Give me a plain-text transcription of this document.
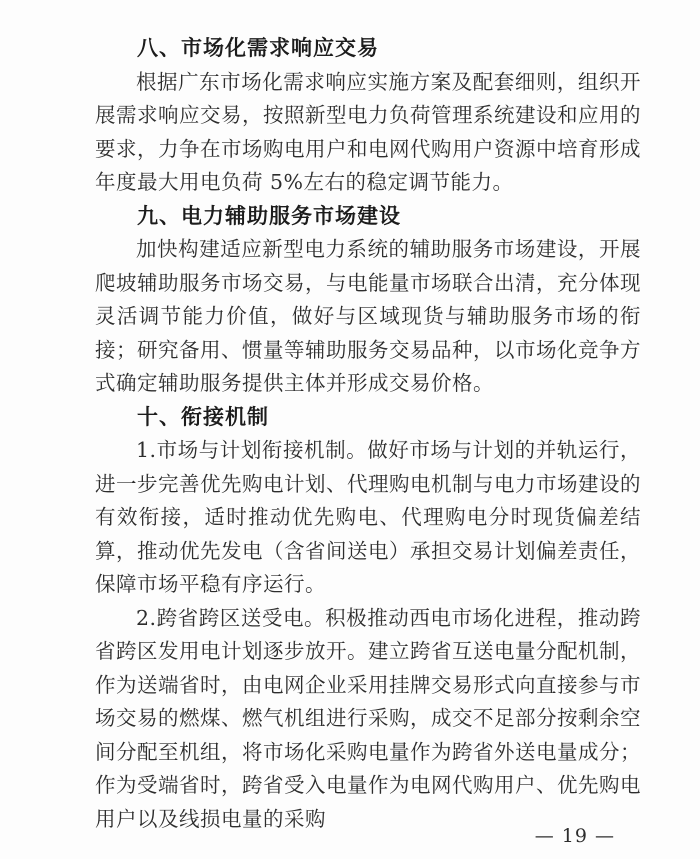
八、市场化需求响应交易

根据广东市场化需求响应实施方案及配套细则，组织开展需求响应交易，按照新型电力负荷管理系统建设和应用的要求，力争在市场购电用户和电网代购用户资源中培育形成年度最大用电负荷 5%左右的稳定调节能力。

九、电力辅助服务市场建设

加快构建适应新型电力系统的辅助服务市场建设，开展爬坡辅助服务市场交易，与电能量市场联合出清，充分体现灵活调节能力价值，做好与区域现货与辅助服务市场的衔接；研究备用、惯量等辅助服务交易品种，以市场化竞争方式确定辅助服务提供主体并形成交易价格。

十、衔接机制

1.市场与计划衔接机制。做好市场与计划的并轨运行，进一步完善优先购电计划、代理购电机制与电力市场建设的有效衔接，适时推动优先购电、代理购电分时现货偏差结算，推动优先发电（含省间送电）承担交易计划偏差责任，保障市场平稳有序运行。

2.跨省跨区送受电。积极推动西电市场化进程，推动跨省跨区发用电计划逐步放开。建立跨省互送电量分配机制，作为送端省时，由电网企业采用挂牌交易形式向直接参与市场交易的燃煤、燃气机组进行采购，成交不足部分按剩余空间分配至机组，将市场化采购电量作为跨省外送电量成分；作为受端省时，跨省受入电量作为电网代购用户、优先购电用户以及线损电量的采购

— 19 —
